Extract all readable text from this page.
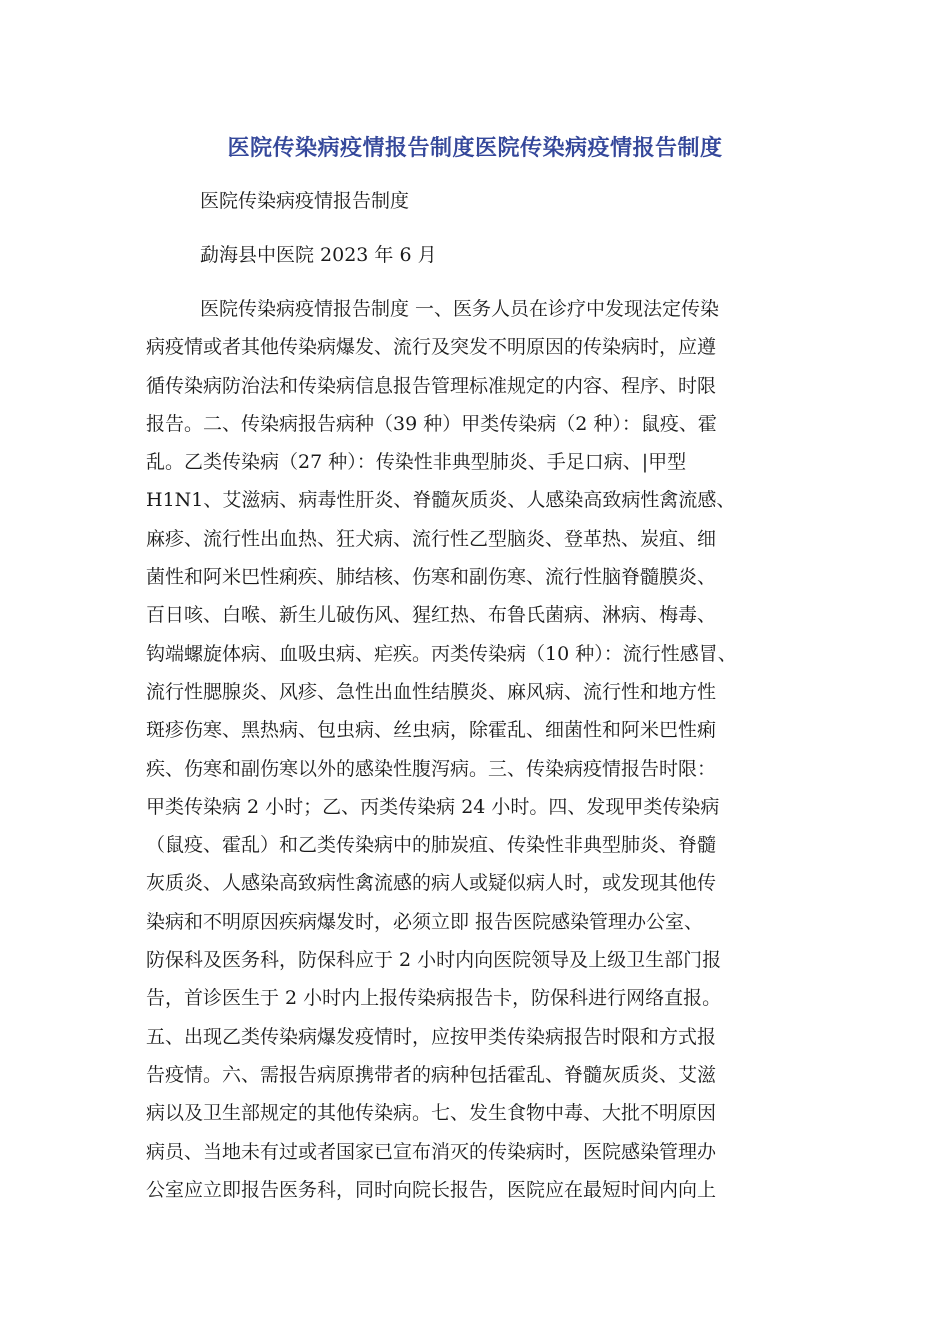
医院传染病疫情报告制度医院传染病疫情报告制度

医院传染病疫情报告制度

勐海县中医院 2023 年 6 月

医院传染病疫情报告制度 一、医务人员在诊疗中发现法定传染
病疫情或者其他传染病爆发、流行及突发不明原因的传染病时，应遵
循传染病防治法和传染病信息报告管理标准规定的内容、程序、时限
报告。二、传染病报告病种（39 种）甲类传染病（2 种）：鼠疫、霍
乱。乙类传染病（27 种）：传染性非典型肺炎、手足口病、|甲型
H1N1、艾滋病、病毒性肝炎、脊髓灰质炎、人感染高致病性禽流感、
麻疹、流行性出血热、狂犬病、流行性乙型脑炎、登革热、炭疽、细
菌性和阿米巴性痢疾、肺结核、伤寒和副伤寒、流行性脑脊髓膜炎、
百日咳、白喉、新生儿破伤风、猩红热、布鲁氏菌病、淋病、梅毒、
钩端螺旋体病、血吸虫病、疟疾。丙类传染病（10 种）：流行性感冒、
流行性腮腺炎、风疹、急性出血性结膜炎、麻风病、流行性和地方性
斑疹伤寒、黑热病、包虫病、丝虫病，除霍乱、细菌性和阿米巴性痢
疾、伤寒和副伤寒以外的感染性腹泻病。三、传染病疫情报告时限：
甲类传染病 2 小时；乙、丙类传染病 24 小时。四、发现甲类传染病
（鼠疫、霍乱）和乙类传染病中的肺炭疽、传染性非典型肺炎、脊髓
灰质炎、人感染高致病性禽流感的病人或疑似病人时，或发现其他传
染病和不明原因疾病爆发时，必须立即 报告医院感染管理办公室、
防保科及医务科，防保科应于 2 小时内向医院领导及上级卫生部门报
告，首诊医生于 2 小时内上报传染病报告卡，防保科进行网络直报。
五、出现乙类传染病爆发疫情时，应按甲类传染病报告时限和方式报
告疫情。六、需报告病原携带者的病种包括霍乱、脊髓灰质炎、艾滋
病以及卫生部规定的其他传染病。七、发生食物中毒、大批不明原因
病员、当地未有过或者国家已宣布消灭的传染病时，医院感染管理办
公室应立即报告医务科，同时向院长报告，医院应在最短时间内向上
